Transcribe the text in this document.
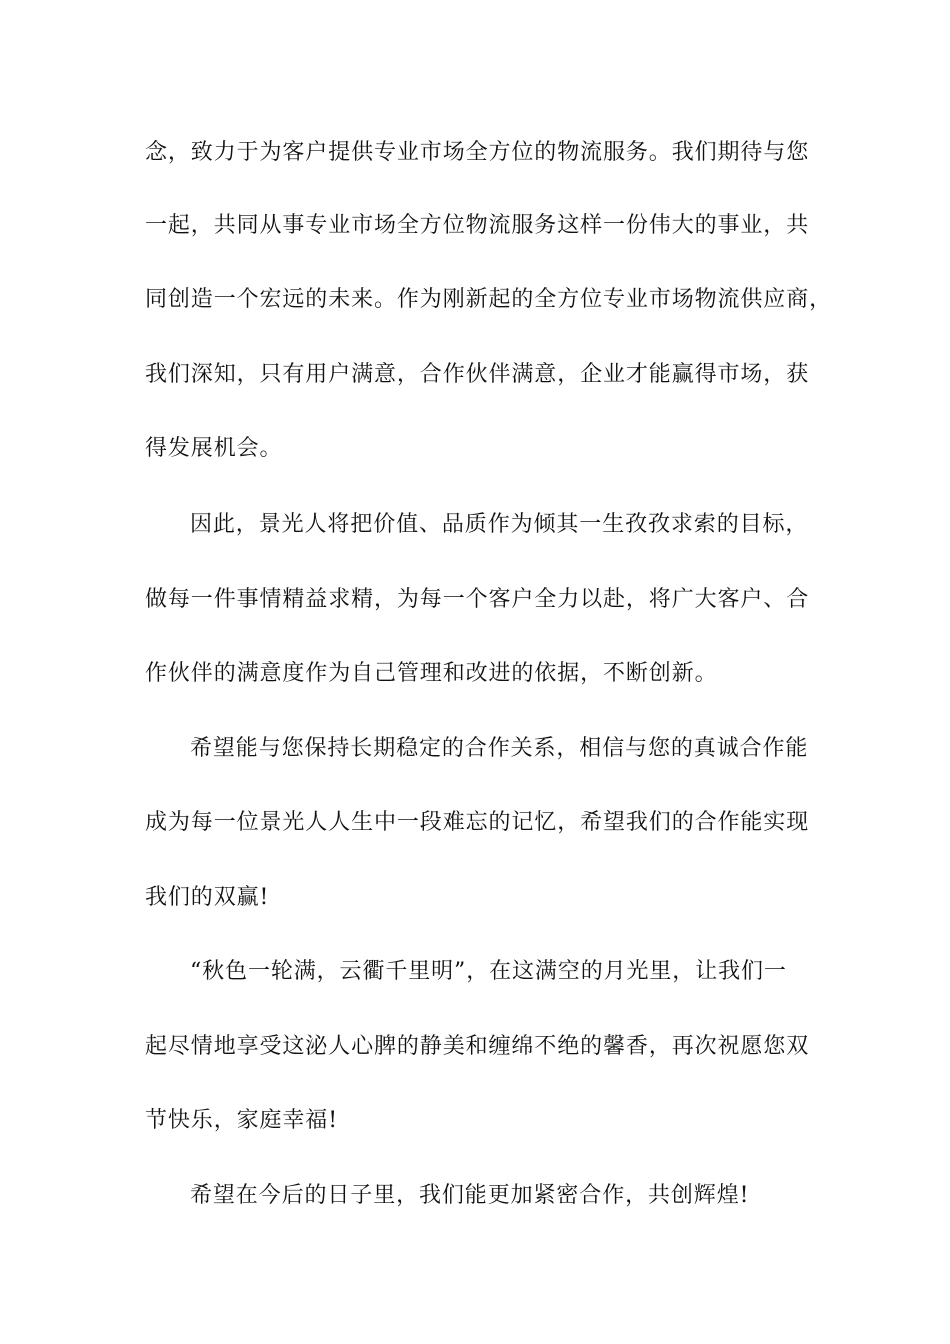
念，致力于为客户提供专业市场全方位的物流服务。我们期待与您
一起，共同从事专业市场全方位物流服务这样一份伟大的事业，共
同创造一个宏远的未来。作为刚新起的全方位专业市场物流供应商，
我们深知，只有用户满意，合作伙伴满意，企业才能赢得市场，获
得发展机会。
因此，景光人将把价值、品质作为倾其一生孜孜求索的目标，
做每一件事情精益求精，为每一个客户全力以赴，将广大客户、合
作伙伴的满意度作为自己管理和改进的依据，不断创新。
希望能与您保持长期稳定的合作关系，相信与您的真诚合作能
成为每一位景光人人生中一段难忘的记忆，希望我们的合作能实现
我们的双赢!
“秋色一轮满，云衢千里明”，在这满空的月光里，让我们一
起尽情地享受这泌人心脾的静美和缠绵不绝的馨香，再次祝愿您双
节快乐，家庭幸福!
希望在今后的日子里，我们能更加紧密合作，共创辉煌!
